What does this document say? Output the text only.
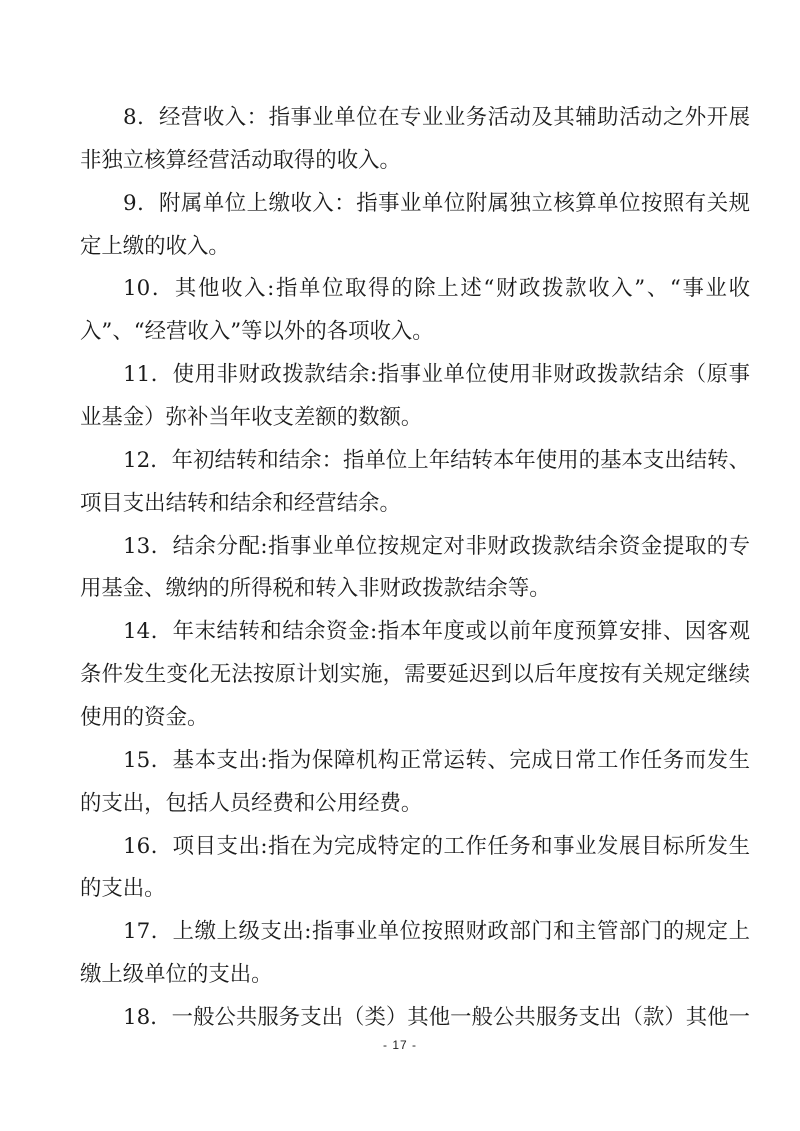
8．经营收入：指事业单位在专业业务活动及其辅助活动之外开展
非独立核算经营活动取得的收入。
9．附属单位上缴收入：指事业单位附属独立核算单位按照有关规
定上缴的收入。
10．其他收入:指单位取得的除上述“财政拨款收入”、“事业收
入”、“经营收入”等以外的各项收入。
11．使用非财政拨款结余:指事业单位使用非财政拨款结余（原事
业基金）弥补当年收支差额的数额。
12．年初结转和结余：指单位上年结转本年使用的基本支出结转、
项目支出结转和结余和经营结余。
13．结余分配:指事业单位按规定对非财政拨款结余资金提取的专
用基金、缴纳的所得税和转入非财政拨款结余等。
14．年末结转和结余资金:指本年度或以前年度预算安排、因客观
条件发生变化无法按原计划实施，需要延迟到以后年度按有关规定继续
使用的资金。
15．基本支出:指为保障机构正常运转、完成日常工作任务而发生
的支出，包括人员经费和公用经费。
16．项目支出:指在为完成特定的工作任务和事业发展目标所发生
的支出。
17．上缴上级支出:指事业单位按照财政部门和主管部门的规定上
缴上级单位的支出。
18．一般公共服务支出（类）其他一般公共服务支出（款）其他一
- 17 -
